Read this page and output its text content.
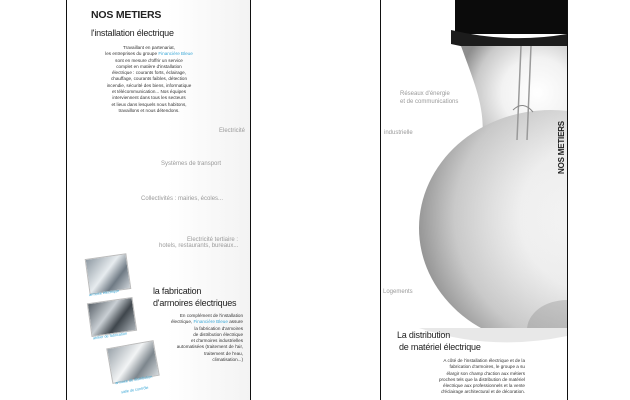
NOS METIERS
l'installation électrique
Travaillant en partenariat,
les entreprises du groupe Financière Bleue
sont en mesure d'offrir un service
complet en matière d'installation
électrique : courants forts, éclairage,
chauffage, courants faibles, détection
incendie, sécurité des biens, informatique
et télécommunication... Nos équipes
interviennent dans tous les secteurs
et lieux dans lesquels nous habitons,
travaillons et nous détendons.
Electricité
Systèmes de transport
Collectivités : mairies, écoles...
Electricité tertiaire :
hotels, restaurants, bureaux...
armoire électrique
atelier de fabrication
armoire de distribution
salle de contrôle
la fabrication
d'armoires électriques
En complément de l'installation
électrique, Financière Bleue assure
la fabrication d'armoires
de distribution électrique
et d'armoires industrielles
automatisées (traitement de l'air,
traitement de l'eau,
climatisation...)
Réseaux d'énergie
et de communications
industrielle
Logements
La distribution
de matériel électrique
A côté de l'installation électrique et de la
fabrication d'armoires, le groupe a su
élargir son champ d'action aux métiers
proches tels que la distribution de matériel
électrique aux professionnels et la vente
d'éclairage architectural et de décoration.
NOS METIERS
